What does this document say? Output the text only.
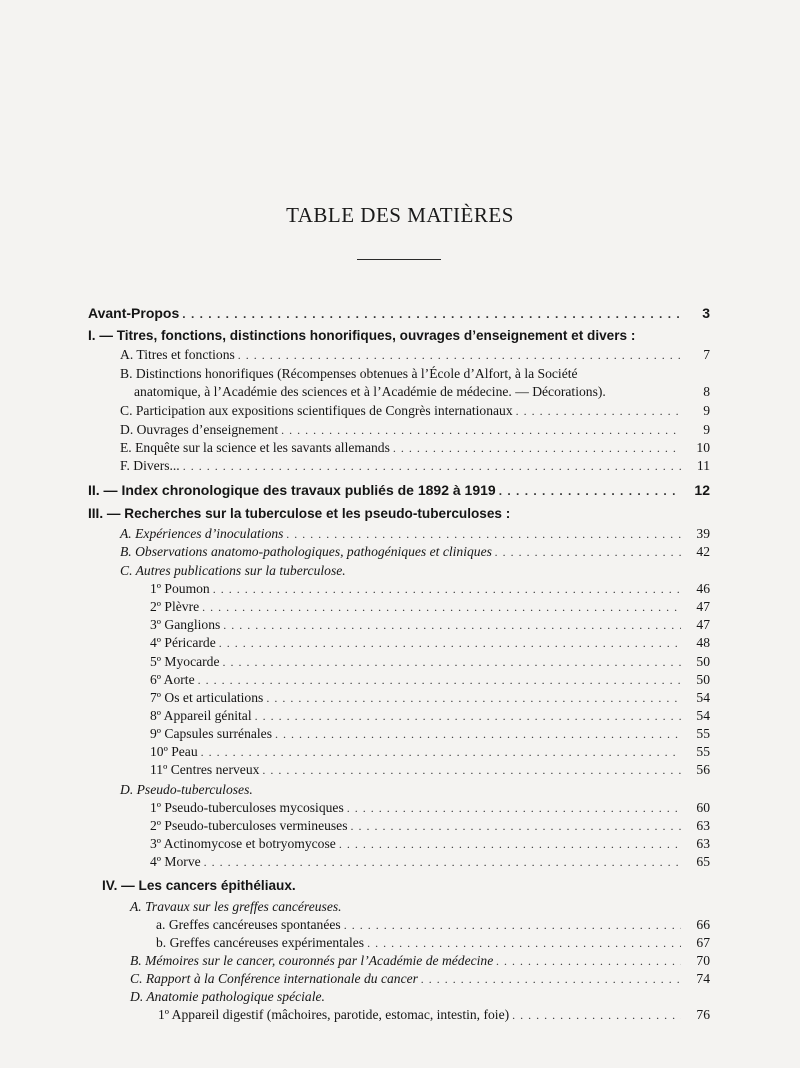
TABLE DES MATIÈRES
Avant-Propos . . .	3
I. — Titres, fonctions, distinctions honorifiques, ouvrages d’enseignement et divers :
A. Titres et fonctions . . .	7
B. Distinctions honorifiques (Récompenses obtenues à l’École d’Alfort, à la Société
anatomique, à l’Académie des sciences et à l’Académie de médecine. — Décorations).	8
C. Participation aux expositions scientifiques de Congrès internationaux . . .	9
D. Ouvrages d’enseignement . . .	9
E. Enquête sur la science et les savants allemands . . .	10
F. Divers... . . .	11
II. — Index chronologique des travaux publiés de 1892 à 1919 . . .	12
III. — Recherches sur la tuberculose et les pseudo-tuberculoses :
A. Expériences d’inoculations . . .	39
B. Observations anatomo-pathologiques, pathogéniques et cliniques . . .	42
C. Autres publications sur la tuberculose.
1º Poumon . . .	46
2º Plèvre . . .	47
3º Ganglions . . .	47
4º Péricarde . . .	48
5º Myocarde . . .	50
6º Aorte . . .	50
7º Os et articulations . . .	54
8º Appareil génital . . .	54
9º Capsules surrénales . . .	55
10º Peau . . .	55
11º Centres nerveux . . .	56
D. Pseudo-tuberculoses.
1º Pseudo-tuberculoses mycosiques . . .	60
2º Pseudo-tuberculoses vermineuses . . .	63
3º Actinomycose et botryomycose . . .	63
4º Morve . . .	65
IV. — Les cancers épithéliaux.
A. Travaux sur les greffes cancéreuses.
a. Greffes cancéreuses spontanées . . .	66
b. Greffes cancéreuses expérimentales . . .	67
B. Mémoires sur le cancer, couronnés par l’Académie de médecine . . .	70
C. Rapport à la Conférence internationale du cancer . . .	74
D. Anatomie pathologique spéciale.
1º Appareil digestif (mâchoires, parotide, estomac, intestin, foie) . . .	76
